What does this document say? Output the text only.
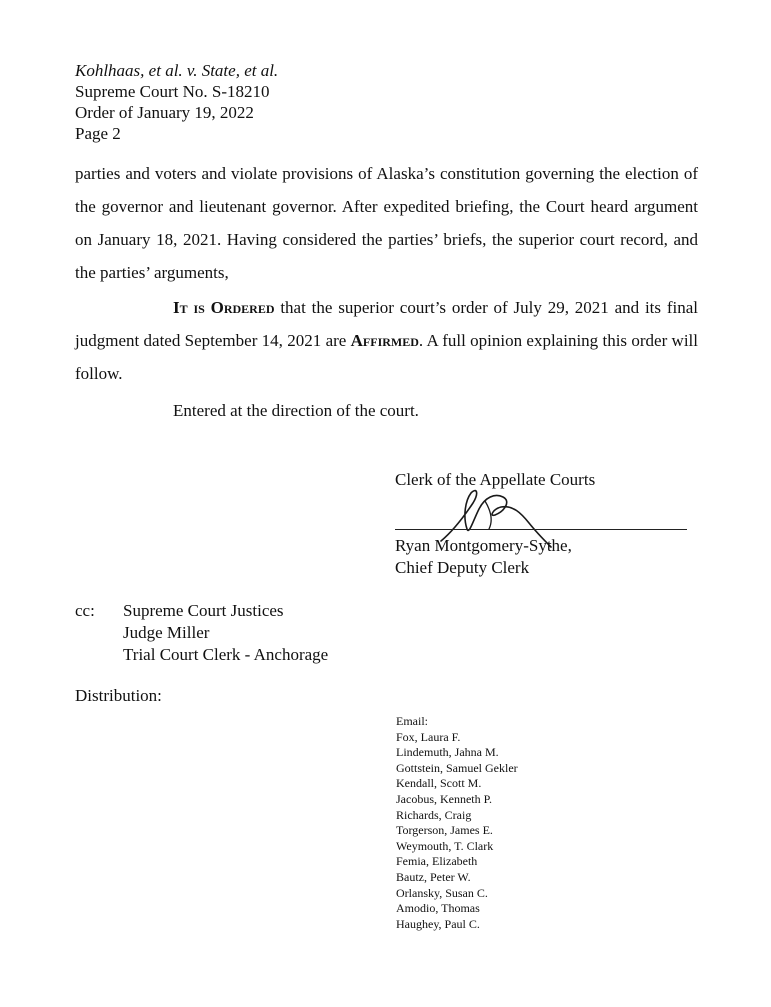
Kohlhaas, et al. v. State, et al.
Supreme Court No. S-18210
Order of January 19, 2022
Page 2
parties and voters and violate provisions of Alaska’s constitution governing the election of the governor and lieutenant governor. After expedited briefing, the Court heard argument on January 18, 2021. Having considered the parties’ briefs, the superior court record, and the parties’ arguments,
It is Ordered that the superior court’s order of July 29, 2021 and its final judgment dated September 14, 2021 are Affirmed. A full opinion explaining this order will follow.
Entered at the direction of the court.
Clerk of the Appellate Courts
Ryan Montgomery-Sythe,
Chief Deputy Clerk
cc: Supreme Court Justices
Judge Miller
Trial Court Clerk - Anchorage
Distribution:
Email:
Fox, Laura F.
Lindemuth, Jahna M.
Gottstein, Samuel Gekler
Kendall, Scott M.
Jacobus, Kenneth P.
Richards, Craig
Torgerson, James E.
Weymouth, T. Clark
Femia, Elizabeth
Bautz, Peter W.
Orlansky, Susan C.
Amodio, Thomas
Haughey, Paul C.
